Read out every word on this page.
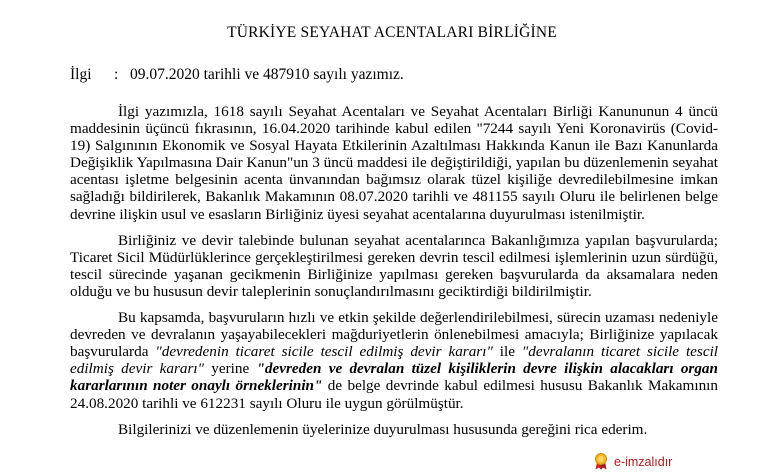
TÜRKİYE SEYAHAT ACENTALARI BİRLİĞİNE
İlgi : 09.07.2020 tarihli ve 487910 sayılı yazımız.

İlgi yazımızla, 1618 sayılı Seyahat Acentaları ve Seyahat Acentaları Birliği Kanununun 4 üncü maddesinin üçüncü fıkrasının, 16.04.2020 tarihinde kabul edilen "7244 sayılı Yeni Koronavirüs (Covid-19) Salgınının Ekonomik ve Sosyal Hayata Etkilerinin Azaltılması Hakkında Kanun ile Bazı Kanunlarda Değişiklik Yapılmasına Dair Kanun"un 3 üncü maddesi ile değiştirildiği, yapılan bu düzenlemenin seyahat acentası işletme belgesinin acenta ünvanından bağımsız olarak tüzel kişiliğe devredilebilmesine imkan sağladığı bildirilerek, Bakanlık Makamının 08.07.2020 tarihli ve 481155 sayılı Oluru ile belirlenen belge devrine ilişkin usul ve esasların Birliğiniz üyesi seyahat acentalarına duyurulması istenilmiştir.

Birliğiniz ve devir talebinde bulunan seyahat acentalarınca Bakanlığımıza yapılan başvurularda; Ticaret Sicil Müdürlüklerince gerçekleştirilmesi gereken devrin tescil edilmesi işlemlerinin uzun sürdüğü, tescil sürecinde yaşanan gecikmenin Birliğinize yapılması gereken başvurularda da aksamalara neden olduğu ve bu hususun devir taleplerinin sonuçlandırılmasını geciktirdiği bildirilmiştir.

Bu kapsamda, başvuruların hızlı ve etkin şekilde değerlendirilebilmesi, sürecin uzaması nedeniyle devreden ve devralanın yaşayabilecekleri mağduriyetlerin önlenebilmesi amacıyla; Birliğinize yapılacak başvurularda "devredenin ticaret sicile tescil edilmiş devir kararı" ile "devralanın ticaret sicile tescil edilmiş devir kararı" yerine "devreden ve devralan tüzel kişiliklerin devre ilişkin alacakları organ kararlarının noter onaylı örneklerinin" de belge devrinde kabul edilmesi hususu Bakanlık Makamının 24.08.2020 tarihli ve 612231 sayılı Oluru ile uygun görülmüştür.

Bilgilerinizi ve düzenlemenin üyelerinize duyurulması hususunda gereğini rica ederim.

e-imzalıdır
